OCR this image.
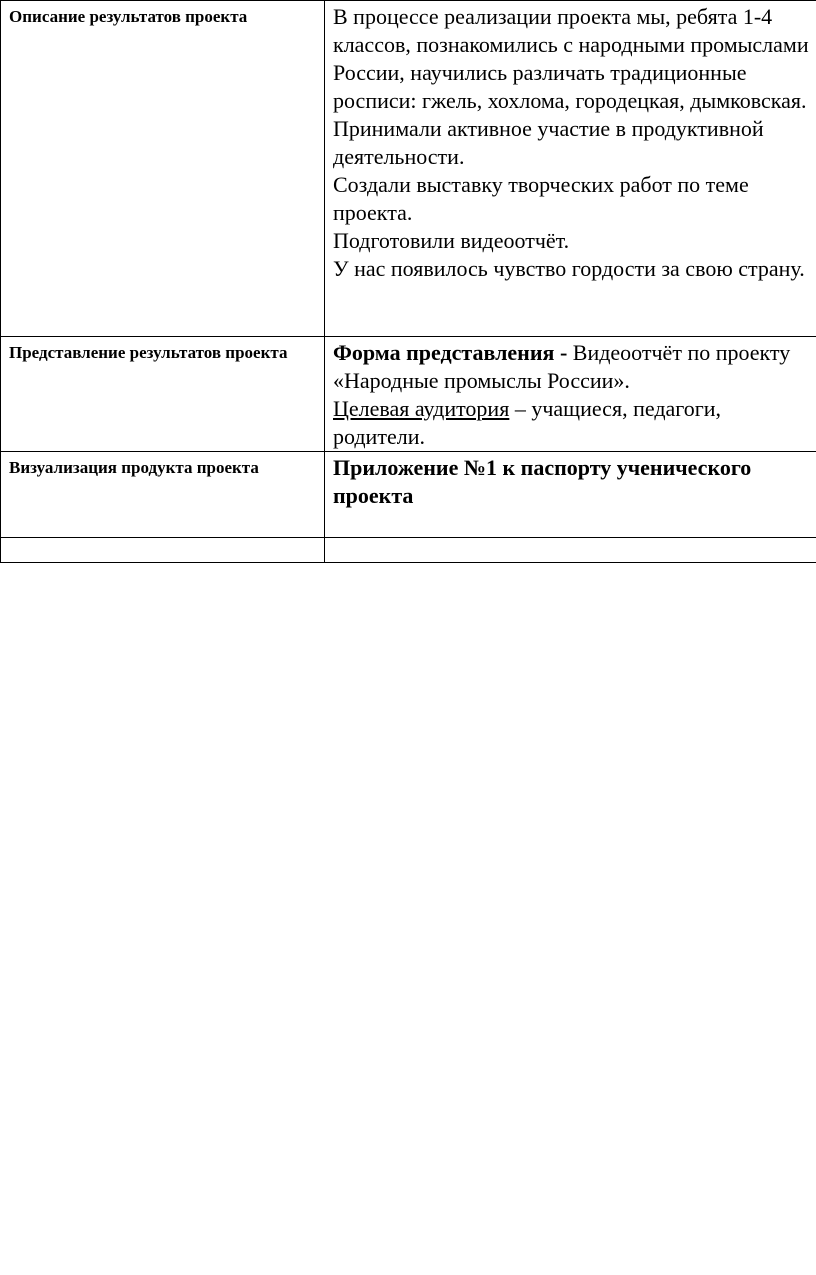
Описание результатов проекта	В процессе реализации проекта мы, ребята 1-4 классов, познакомились с народными промыслами России, научились различать традиционные росписи: гжель, хохлома, городецкая, дымковская.
Принимали активное участие в продуктивной деятельности.
Создали выставку творческих работ по теме проекта.
Подготовили видеоотчёт.
У нас появилось чувство гордости за свою страну.

Представление результатов проекта	Форма представления - Видеоотчёт по проекту «Народные промыслы России».
Целевая аудитория – учащиеся, педагоги, родители.

Визуализация продукта проекта	Приложение №1 к паспорту ученического проекта
